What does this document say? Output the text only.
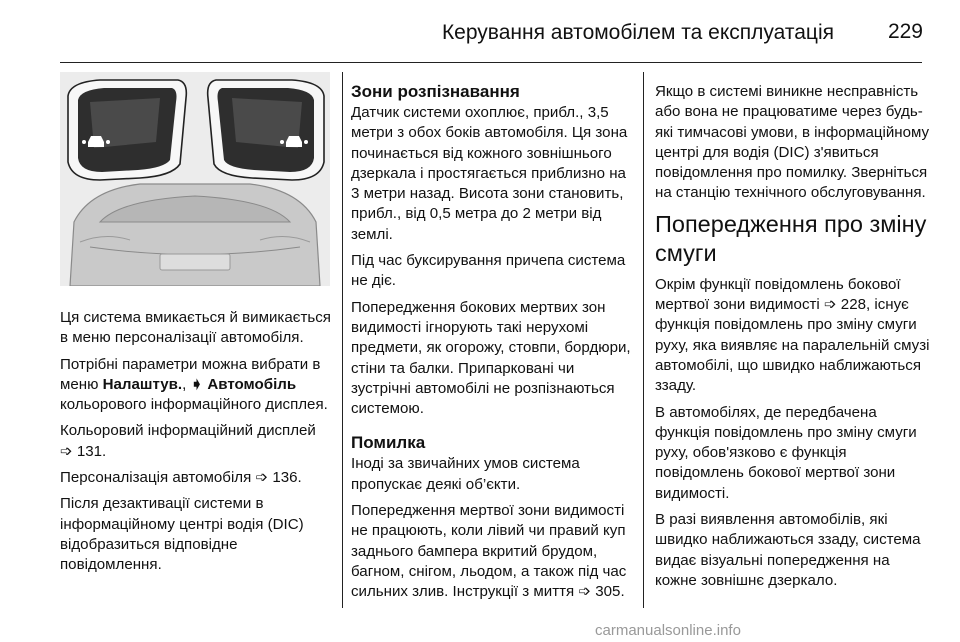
Керування автомобілем та експлуатація	229

Ця система вмикається й вимикається в меню персоналізації автомобіля.

Потрібні параметри можна вибрати в меню Налаштув., ➧ Автомобіль кольорового інформаційного дисплея.

Кольоровий інформаційний дисплей ➩ 131.

Персоналізація автомобіля ➩ 136.

Після дезактивації системи в інформаційному центрі водія (DIC) відобразиться відповідне повідомлення.

Зони розпізнавання

Датчик системи охоплює, прибл., 3,5 метри з обох боків автомобіля. Ця зона починається від кожного зовнішнього дзеркала і простягається приблизно на 3 метри назад. Висота зони становить, прибл., від 0,5 метра до 2 метри від землі.

Під час буксирування причепа система не діє.

Попередження бокових мертвих зон видимості ігнорують такі нерухомі предмети, як огорожу, стовпи, бордюри, стіни та балки. Припарковані чи зустрічні автомобілі не розпізнаються системою.

Помилка

Іноді за звичайних умов система пропускає деякі об’єкти.

Попередження мертвої зони видимості не працюють, коли лівий чи правий куп заднього бампера вкритий брудом, багном, снігом, льодом, а також під час сильних злив. Інструкції з миття ➩ 305.

Якщо в системі виникне несправність або вона не працюватиме через будь-які тимчасові умови, в інформаційному центрі для водія (DIC) з'явиться повідомлення про помилку. Зверніться на станцію технічного обслуговування.

Попередження про зміну смуги

Окрім функції повідомлень бокової мертвої зони видимості ➩ 228, існує функція повідомлень про зміну смуги руху, яка виявляє на паралельній смузі автомобілі, що швидко наближаються ззаду.

В автомобілях, де передбачена функція повідомлень про зміну смуги руху, обов'язково є функція повідомлень бокової мертвої зони видимості.

В разі виявлення автомобілів, які швидко наближаються ззаду, система видає візуальні попередження на кожне зовнішнє дзеркало.

carmanualsonline.info
